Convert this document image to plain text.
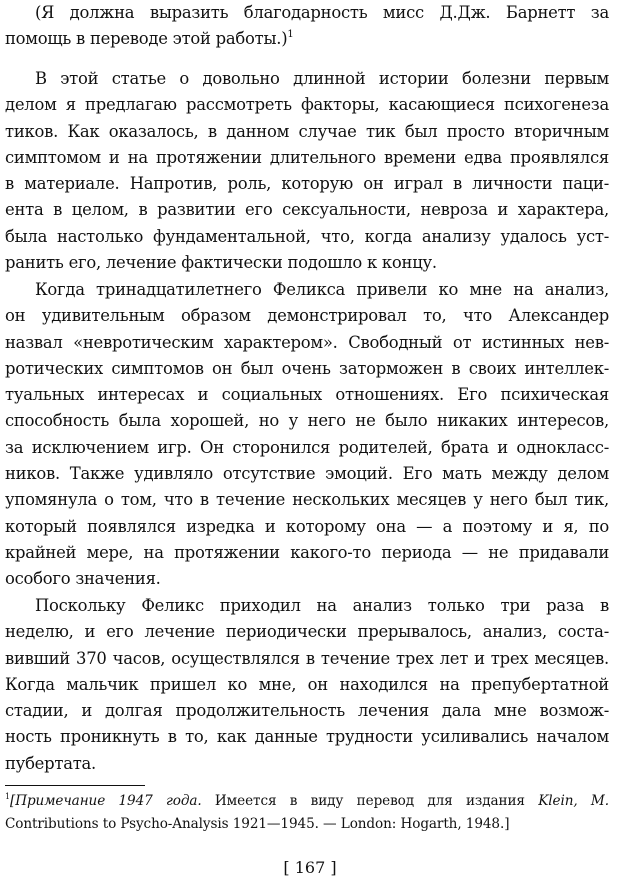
(Я должна выразить благодарность мисс Д.Дж. Барнетт за
помощь в переводе этой работы.)$^1$
В этой статье о довольно длинной истории болезни первым
делом я предлагаю рассмотреть факторы, касающиеся психогенеза
тиков. Как оказалось, в данном случае тик был просто вторичным
симптомом и на протяжении длительного времени едва проявлялся
в материале. Напротив, роль, которую он играл в личности паци-
ента в целом, в развитии его сексуальности, невроза и характера,
была настолько фундаментальной, что, когда анализу удалось уст-
ранить его, лечение фактически подошло к концу.
Когда тринадцатилетнего Феликса привели ко мне на анализ,
он удивительным образом демонстрировал то, что Александер
назвал «невротическим характером». Свободный от истинных нев-
ротических симптомов он был очень заторможен в своих интеллек-
туальных интересах и социальных отношениях. Его психическая
способность была хорошей, но у него не было никаких интересов,
за исключением игр. Он сторонился родителей, брата и однокласс-
ников. Также удивляло отсутствие эмоций. Его мать между делом
упомянула о том, что в течение нескольких месяцев у него был тик,
который появлялся изредка и которому она — а поэтому и я, по
крайней мере, на протяжении какого-то периода — не придавали
особого значения.
Поскольку Феликс приходил на анализ только три раза в
неделю, и его лечение периодически прерывалось, анализ, соста-
вивший 370 часов, осуществлялся в течение трех лет и трех месяцев.
Когда мальчик пришел ко мне, он находился на препубертатной
стадии, и долгая продолжительность лечения дала мне возмож-
ность проникнуть в то, как данные трудности усиливались началом
пубертата.
$^1$[Примечание 1947 года. Имеется в виду перевод для издания Klein, M.
Contributions to Psycho-Analysis 1921—1945. — London: Hogarth, 1948.]
[ 167 ]
